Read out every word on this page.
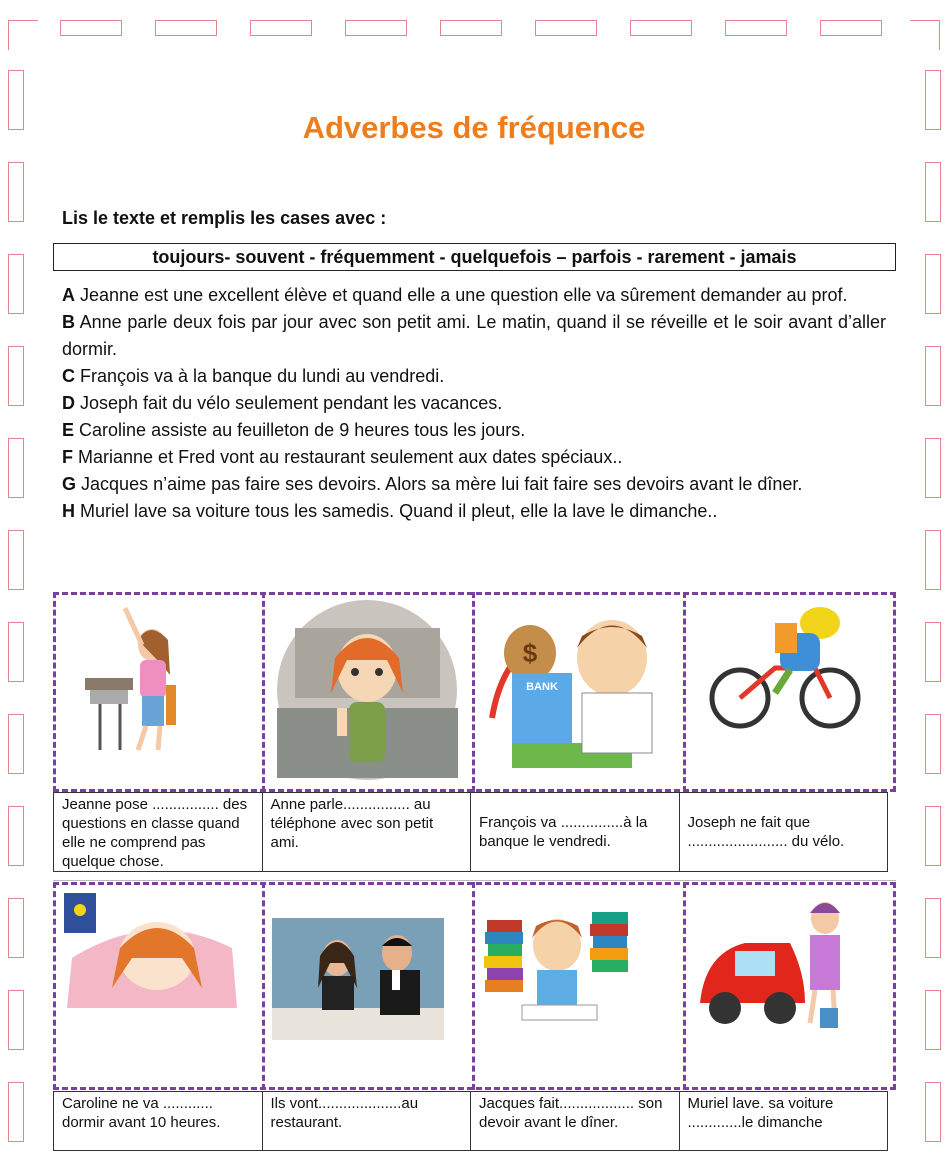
Adverbes de fréquence
Lis le texte et remplis les cases avec :
toujours- souvent - fréquemment - quelquefois – parfois - rarement - jamais

A Jeanne est une excellent élève et quand elle a une question elle va sûrement demander au prof.

B Anne parle deux fois par jour avec son petit ami. Le matin, quand il se réveille et le soir avant d’aller dormir.

C François va à la banque du lundi au vendredi.

D Joseph fait du vélo seulement pendant les vacances.

E Caroline assiste au feuilleton de 9 heures tous les jours.

F Marianne et Fred vont au restaurant seulement aux dates spéciaux..

G Jacques n’aime pas faire ses devoirs. Alors sa mère lui fait faire ses devoirs avant le dîner.

H Muriel lave sa voiture tous les samedis. Quand il pleut, elle la lave le dimanche..

$
BANK
Jeanne pose ................ des questions en classe quand elle ne comprend pas quelque chose.
Anne parle................ au téléphone avec son petit ami.
François va ...............à la banque le vendredi.
Joseph ne fait que ........................ du vélo.
Caroline ne va ............ dormir avant 10 heures.
Ils vont....................au restaurant.
Jacques fait.................. son devoir avant le dîner.
Muriel lave. sa voiture .............le dimanche
